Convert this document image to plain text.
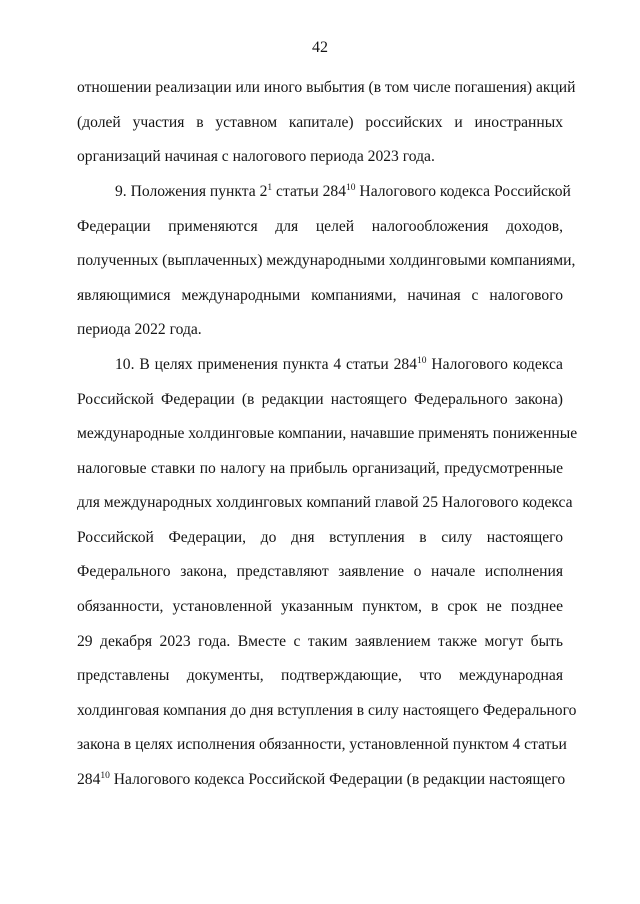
42
отношении реализации или иного выбытия (в том числе погашения) акций
(долей участия в уставном капитале) российских и иностранных
организаций начиная с налогового периода 2023 года.
9. Положения пункта $2^1$ статьи $284^{10}$ Налогового кодекса Российской
Федерации применяются для целей налогообложения доходов,
полученных (выплаченных) международными холдинговыми компаниями,
являющимися международными компаниями, начиная с налогового
периода 2022 года.
10. В целях применения пункта 4 статьи $284^{10}$ Налогового кодекса
Российской Федерации (в редакции настоящего Федерального закона)
международные холдинговые компании, начавшие применять пониженные
налоговые ставки по налогу на прибыль организаций, предусмотренные
для международных холдинговых компаний главой 25 Налогового кодекса
Российской Федерации, до дня вступления в силу настоящего
Федерального закона, представляют заявление о начале исполнения
обязанности, установленной указанным пунктом, в срок не позднее
29 декабря 2023 года. Вместе с таким заявлением также могут быть
представлены документы, подтверждающие, что международная
холдинговая компания до дня вступления в силу настоящего Федерального
закона в целях исполнения обязанности, установленной пунктом 4 статьи
$284^{10}$ Налогового кодекса Российской Федерации (в редакции настоящего
